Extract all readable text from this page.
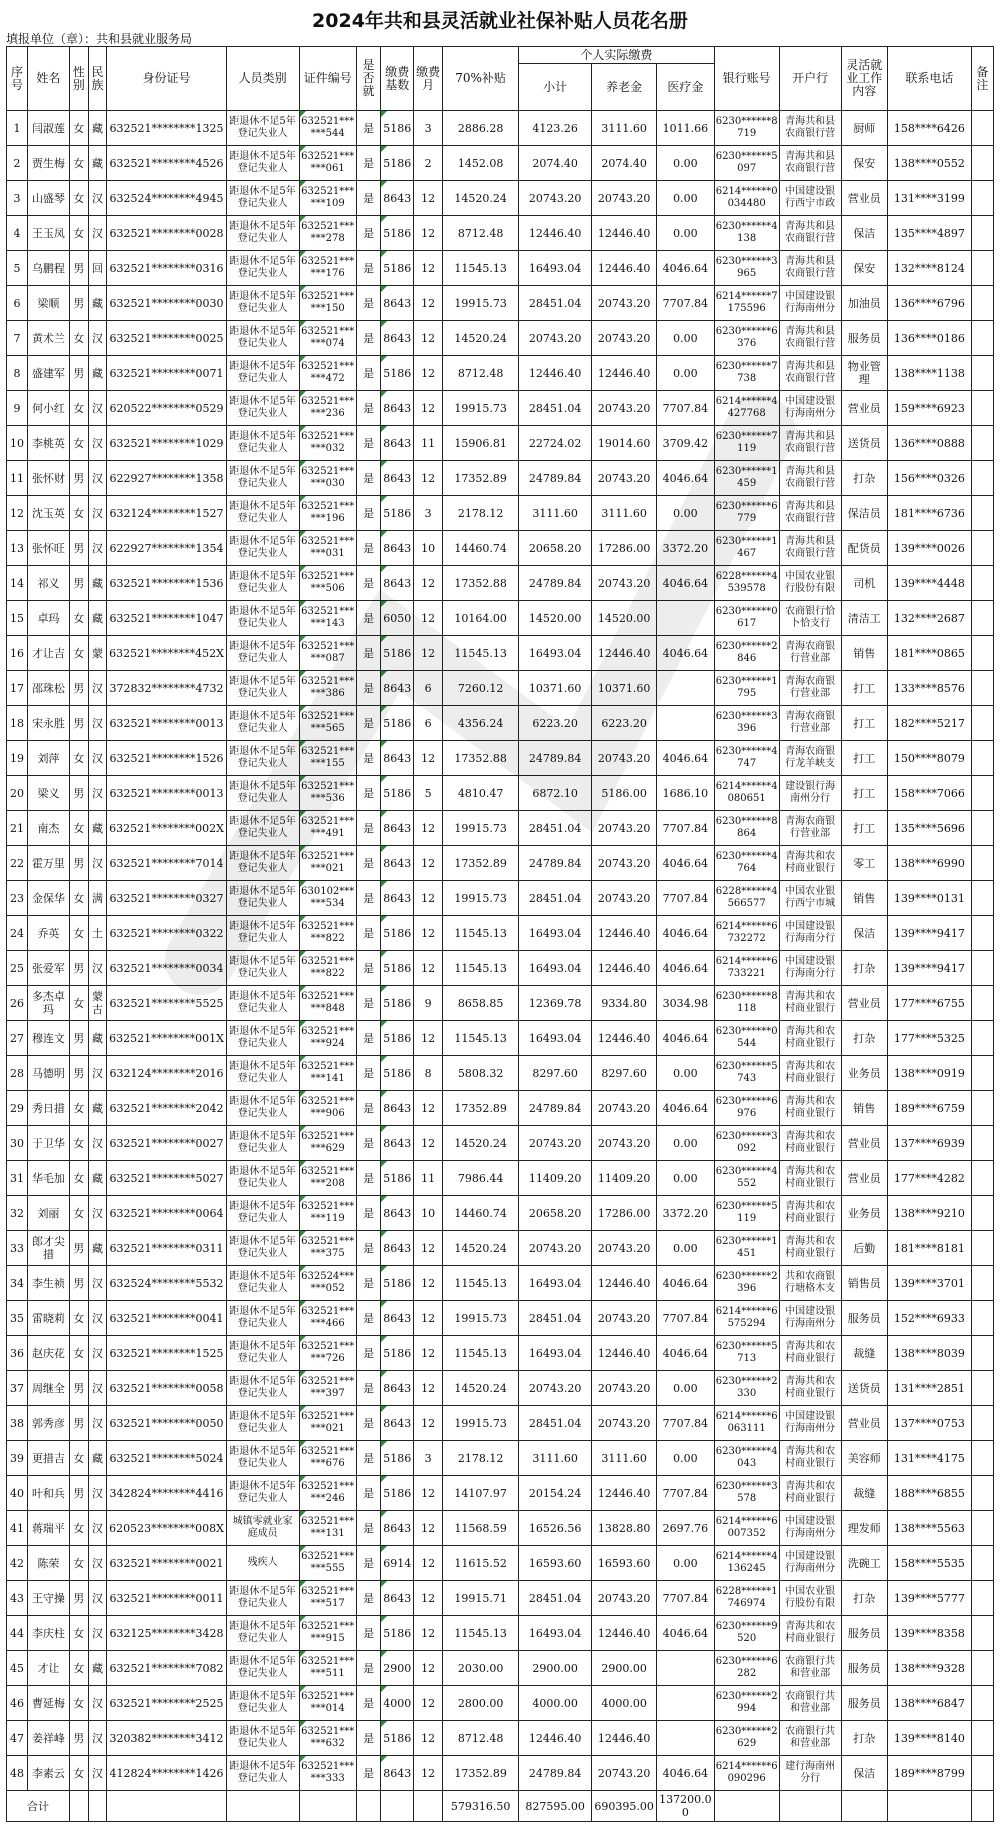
2024年共和县灵活就业社保补贴人员花名册
填报单位（章）：共和县就业服务局
序号	姓名	性别	民族	身份证号	人员类别	证件编号	是否就	缴费基数	缴费月	70%补贴	个人实际缴费			银行账号	开户行	灵活就业工作内容	联系电话	备注
											小计	养老金	医疗金					
1	闫淑莲	女	藏	632521********1325	距退休不足5年登记失业人	632521******544	是	5186	3	2886.28	4123.26	3111.60	1011.66	6230******8719	青海共和县农商银行营	厨师	158****6426	
2	贾生梅	女	藏	632521********4526	距退休不足5年登记失业人	632521******061	是	5186	2	1452.08	2074.40	2074.40	0.00	6230******5097	青海共和县农商银行营	保安	138****0552	
3	山盛琴	女	汉	632524********4945	距退休不足5年登记失业人	632521******109	是	8643	12	14520.24	20743.20	20743.20	0.00	6214******0034480	中国建设银行西宁市政	营业员	131****3199	
4	王玉凤	女	汉	632521********0028	距退休不足5年登记失业人	632521******278	是	5186	12	8712.48	12446.40	12446.40	0.00	6230******4138	青海共和县农商银行营	保洁	135****4897	
5	乌鹏程	男	回	632521********0316	距退休不足5年登记失业人	632521******176	是	5186	12	11545.13	16493.04	12446.40	4046.64	6230******3965	青海共和县农商银行营	保安	132****8124	
6	梁顺	男	藏	632521********0030	距退休不足5年登记失业人	632521******150	是	8643	12	19915.73	28451.04	20743.20	7707.84	6214******7175596	中国建设银行海南州分	加油员	136****6796	
7	黄术兰	女	汉	632521********0025	距退休不足5年登记失业人	632521******074	是	8643	12	14520.24	20743.20	20743.20	0.00	6230******6376	青海共和县农商银行营	服务员	136****0186	
8	盛建军	男	藏	632521********0071	距退休不足5年登记失业人	632521******472	是	5186	12	8712.48	12446.40	12446.40	0.00	6230******7738	青海共和县农商银行营	物业管理	138****1138	
9	何小红	女	汉	620522********0529	距退休不足5年登记失业人	632521******236	是	8643	12	19915.73	28451.04	20743.20	7707.84	6214******4427768	中国建设银行海南州分	营业员	159****6923	
10	李桃英	女	汉	632521********1029	距退休不足5年登记失业人	632521******032	是	8643	11	15906.81	22724.02	19014.60	3709.42	6230******7119	青海共和县农商银行营	送货员	136****0888	
11	张怀财	男	汉	622927********1358	距退休不足5年登记失业人	632521******030	是	8643	12	17352.89	24789.84	20743.20	4046.64	6230******1459	青海共和县农商银行营	打杂	156****0326	
12	沈玉英	女	汉	632124********1527	距退休不足5年登记失业人	632521******196	是	5186	3	2178.12	3111.60	3111.60	0.00	6230******6779	青海共和县农商银行营	保洁员	181****6736	
13	张怀旺	男	汉	622927********1354	距退休不足5年登记失业人	632521******031	是	8643	10	14460.74	20658.20	17286.00	3372.20	6230******1467	青海共和县农商银行营	配货员	139****0026	
14	祁义	男	藏	632521********1536	距退休不足5年登记失业人	632521******506	是	8643	12	17352.88	24789.84	20743.20	4046.64	6228******4539578	中国农业银行股份有限	司机	139****4448	
15	卓玛	女	藏	632521********1047	距退休不足5年登记失业人	632521******143	是	6050	12	10164.00	14520.00	14520.00		6230******0617	农商银行恰卜恰支行	清洁工	132****2687	
16	才让吉	女	蒙	632521********452X	距退休不足5年登记失业人	632521******087	是	5186	12	11545.13	16493.04	12446.40	4046.64	6230******2846	青海农商银行营业部	销售	181****0865	
17	邵珠松	男	汉	372832********4732	距退休不足5年登记失业人	632521******386	是	8643	6	7260.12	10371.60	10371.60		6230******1795	青海农商银行营业部	打工	133****8576	
18	宋永胜	男	汉	632521********0013	距退休不足5年登记失业人	632521******565	是	5186	6	4356.24	6223.20	6223.20		6230******3396	青海农商银行营业部	打工	182****5217	
19	刘萍	女	汉	632521********1526	距退休不足5年登记失业人	632521******155	是	8643	12	17352.88	24789.84	20743.20	4046.64	6230******4747	青海农商银行龙羊峡支	打工	150****8079	
20	梁义	男	汉	632521********0013	距退休不足5年登记失业人	632521******536	是	5186	5	4810.47	6872.10	5186.00	1686.10	6214******4080651	建设银行海南州分行	打工	158****7066	
21	南杰	女	藏	632521********002X	距退休不足5年登记失业人	632521******491	是	8643	12	19915.73	28451.04	20743.20	7707.84	6230******8864	青海农商银行营业部	打工	135****5696	
22	霍万里	男	汉	632521********7014	距退休不足5年登记失业人	632521******021	是	8643	12	17352.89	24789.84	20743.20	4046.64	6230******4764	青海共和农村商业银行	零工	138****6990	
23	金保华	女	满	632521********0327	距退休不足5年登记失业人	630102******534	是	8643	12	19915.73	28451.04	20743.20	7707.84	6228******4566577	中国农业银行西宁市城	销售	139****0131	
24	乔英	女	土	632521********0322	距退休不足5年登记失业人	632521******822	是	5186	12	11545.13	16493.04	12446.40	4046.64	6214******6732272	中国建设银行海南分行	保洁	139****9417	
25	张爱军	男	汉	632521********0034	距退休不足5年登记失业人	632521******822	是	5186	12	11545.13	16493.04	12446.40	4046.64	6214******6733221	中国建设银行海南分行	打杂	139****9417	
26	多杰卓玛	女	蒙古	632521********5525	距退休不足5年登记失业人	632521******848	是	5186	9	8658.85	12369.78	9334.80	3034.98	6230******8118	青海共和农村商业银行	营业员	177****6755	
27	穆连文	男	藏	632521********001X	距退休不足5年登记失业人	632521******924	是	5186	12	11545.13	16493.04	12446.40	4046.64	6230******0544	青海共和农村商业银行	打杂	177****5325	
28	马德明	男	汉	632124********2016	距退休不足5年登记失业人	632521******141	是	5186	8	5808.32	8297.60	8297.60	0.00	6230******5743	青海共和农村商业银行	业务员	138****0919	
29	秀日措	女	藏	632521********2042	距退休不足5年登记失业人	632521******906	是	8643	12	17352.89	24789.84	20743.20	4046.64	6230******6976	青海共和农村商业银行	销售	189****6759	
30	于卫华	女	汉	632521********0027	距退休不足5年登记失业人	632521******629	是	8643	12	14520.24	20743.20	20743.20	0.00	6230******3092	青海共和农村商业银行	营业员	137****6939	
31	华毛加	女	藏	632521********5027	距退休不足5年登记失业人	632521******208	是	5186	11	7986.44	11409.20	11409.20	0.00	6230******4552	青海共和农村商业银行	营业员	177****4282	
32	刘丽	女	汉	632521********0064	距退休不足5年登记失业人	632521******119	是	8643	10	14460.74	20658.20	17286.00	3372.20	6230******5119	青海共和农村商业银行	业务员	138****9210	
33	郎才尖措	男	藏	632521********0311	距退休不足5年登记失业人	632521******375	是	8643	12	14520.24	20743.20	20743.20	0.00	6230******1451	青海共和农村商业银行	后勤	181****8181	
34	李生祯	男	汉	632524********5532	距退休不足5年登记失业人	632524******052	是	5186	12	11545.13	16493.04	12446.40	4046.64	6230******2396	共和农商银行塘格木支	销售员	139****3701	
35	雷晓莉	女	汉	632521********0041	距退休不足5年登记失业人	632521******466	是	8643	12	19915.73	28451.04	20743.20	7707.84	6214******6575294	中国建设银行海南州分	服务员	152****6933	
36	赵庆花	女	汉	632521********1525	距退休不足5年登记失业人	632521******726	是	5186	12	11545.13	16493.04	12446.40	4046.64	6230******5713	青海共和农村商业银行	裁缝	138****8039	
37	周继全	男	汉	632521********0058	距退休不足5年登记失业人	632521******397	是	8643	12	14520.24	20743.20	20743.20	0.00	6230******2330	青海共和农村商业银行	送货员	131****2851	
38	郭秀彦	男	汉	632521********0050	距退休不足5年登记失业人	632521******021	是	8643	12	19915.73	28451.04	20743.20	7707.84	6214******6063111	中国建设银行海南州分	营业员	137****0753	
39	更措吉	女	藏	632521********5024	距退休不足5年登记失业人	632521******676	是	5186	3	2178.12	3111.60	3111.60	0.00	6230******4043	青海共和农村商业银行	美容师	131****4175	
40	叶和兵	男	汉	342824********4416	距退休不足5年登记失业人	632521******246	是	5186	12	14107.97	20154.24	12446.40	7707.84	6230******3578	青海共和农村商业银行	裁缝	188****6855	
41	蒋瑞平	女	汉	620523********008X	城镇零就业家庭成员	632521******131	是	8643	12	11568.59	16526.56	13828.80	2697.76	6214******6007352	中国建设银行海南州分	理发师	138****5563	
42	陈荣	女	汉	632521********0021	残疾人	632521******555	是	6914	12	11615.52	16593.60	16593.60	0.00	6214******4136245	中国建设银行海南州分	洗碗工	158****5535	
43	王守操	男	汉	632521********0011	距退休不足5年登记失业人	632521******517	是	8643	12	19915.71	28451.04	20743.20	7707.84	6228******1746974	中国农业银行股份有限	打杂	139****5777	
44	李庆柱	女	汉	632125********3428	距退休不足5年登记失业人	632521******915	是	5186	12	11545.13	16493.04	12446.40	4046.64	6230******9520	青海共和农村商业银行	服务员	139****8358	
45	才让	女	藏	632521********7082	距退休不足5年登记失业人	632521******511	是	2900	12	2030.00	2900.00	2900.00		6230******6282	农商银行共和营业部	服务员	138****9328	
46	曹延梅	女	汉	632521********2525	距退休不足5年登记失业人	632521******014	是	4000	12	2800.00	4000.00	4000.00		6230******2994	农商银行共和营业部	服务员	138****6847	
47	姜祥峰	男	汉	320382********3412	距退休不足5年登记失业人	632521******632	是	5186	12	8712.48	12446.40	12446.40		6230******2629	农商银行共和营业部	打杂	139****8140	
48	李素云	女	汉	412824********1426	距退休不足5年登记失业人	632521******333	是	8643	12	17352.89	24789.84	20743.20	4046.64	6214******6090296	建行海南州分行	保洁	189****8799	
合计										579316.50	827595.00	690395.00	137200.00					
